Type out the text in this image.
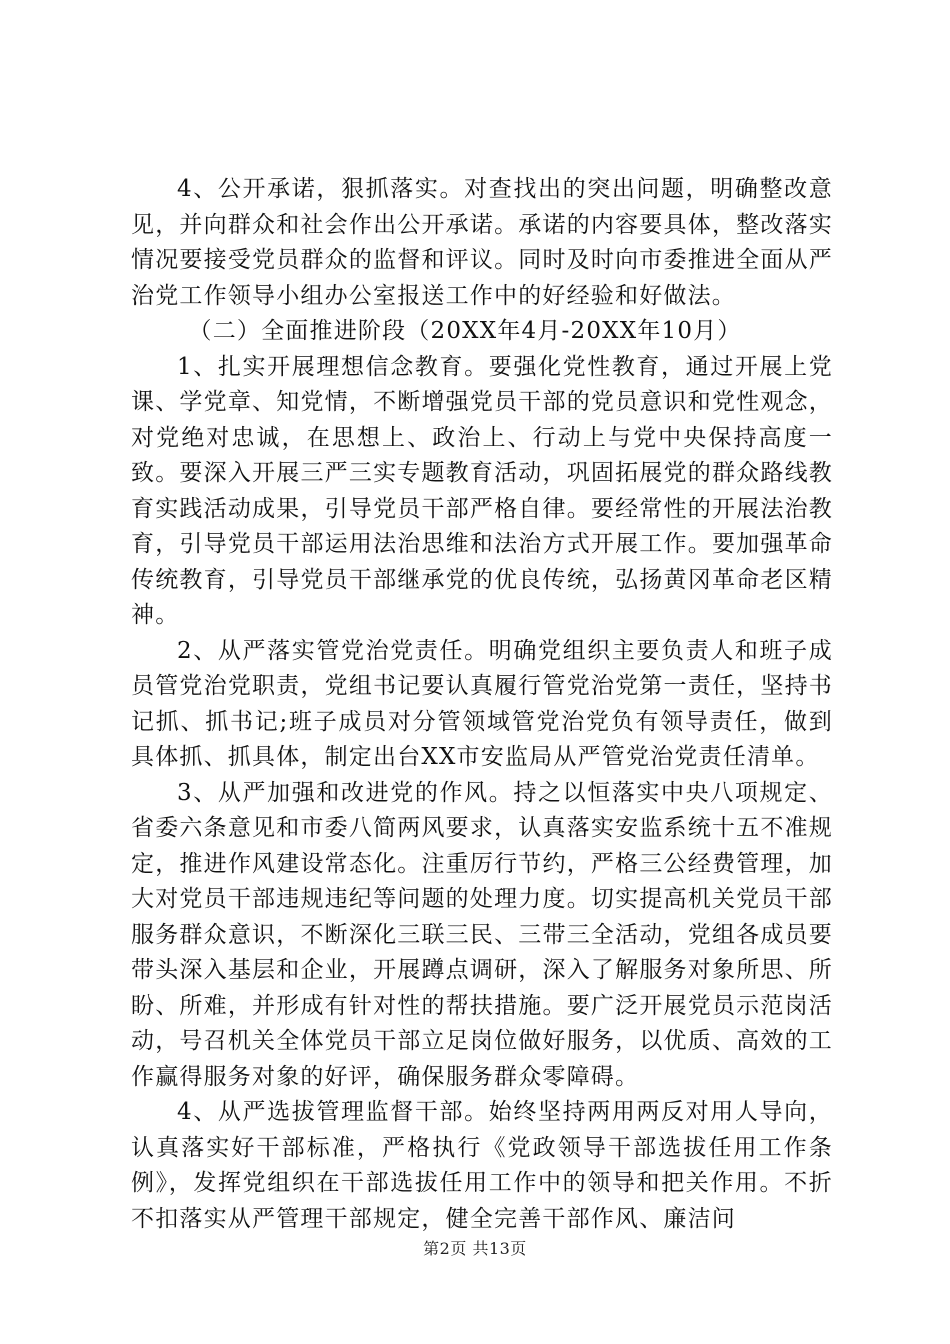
4、公开承诺，狠抓落实。对查找出的突出问题，明确整改意见，并向群众和社会作出公开承诺。承诺的内容要具体，整改落实情况要接受党员群众的监督和评议。同时及时向市委推进全面从严治党工作领导小组办公室报送工作中的好经验和好做法。

（二）全面推进阶段（20XX年4月-20XX年10月）

1、扎实开展理想信念教育。要强化党性教育，通过开展上党课、学党章、知党情，不断增强党员干部的党员意识和党性观念，对党绝对忠诚，在思想上、政治上、行动上与党中央保持高度一致。要深入开展三严三实专题教育活动，巩固拓展党的群众路线教育实践活动成果，引导党员干部严格自律。要经常性的开展法治教育，引导党员干部运用法治思维和法治方式开展工作。要加强革命传统教育，引导党员干部继承党的优良传统，弘扬黄冈革命老区精神。

2、从严落实管党治党责任。明确党组织主要负责人和班子成员管党治党职责，党组书记要认真履行管党治党第一责任，坚持书记抓、抓书记;班子成员对分管领域管党治党负有领导责任，做到具体抓、抓具体，制定出台XX市安监局从严管党治党责任清单。

3、从严加强和改进党的作风。持之以恒落实中央八项规定、省委六条意见和市委八简两风要求，认真落实安监系统十五不准规定，推进作风建设常态化。注重厉行节约，严格三公经费管理，加大对党员干部违规违纪等问题的处理力度。切实提高机关党员干部服务群众意识，不断深化三联三民、三带三全活动，党组各成员要带头深入基层和企业，开展蹲点调研，深入了解服务对象所思、所盼、所难，并形成有针对性的帮扶措施。要广泛开展党员示范岗活动，号召机关全体党员干部立足岗位做好服务，以优质、高效的工作赢得服务对象的好评，确保服务群众零障碍。

4、从严选拔管理监督干部。始终坚持两用两反对用人导向，认真落实好干部标准，严格执行《党政领导干部选拔任用工作条例》，发挥党组织在干部选拔任用工作中的领导和把关作用。不折不扣落实从严管理干部规定，健全完善干部作风、廉洁问

第2页 共13页
